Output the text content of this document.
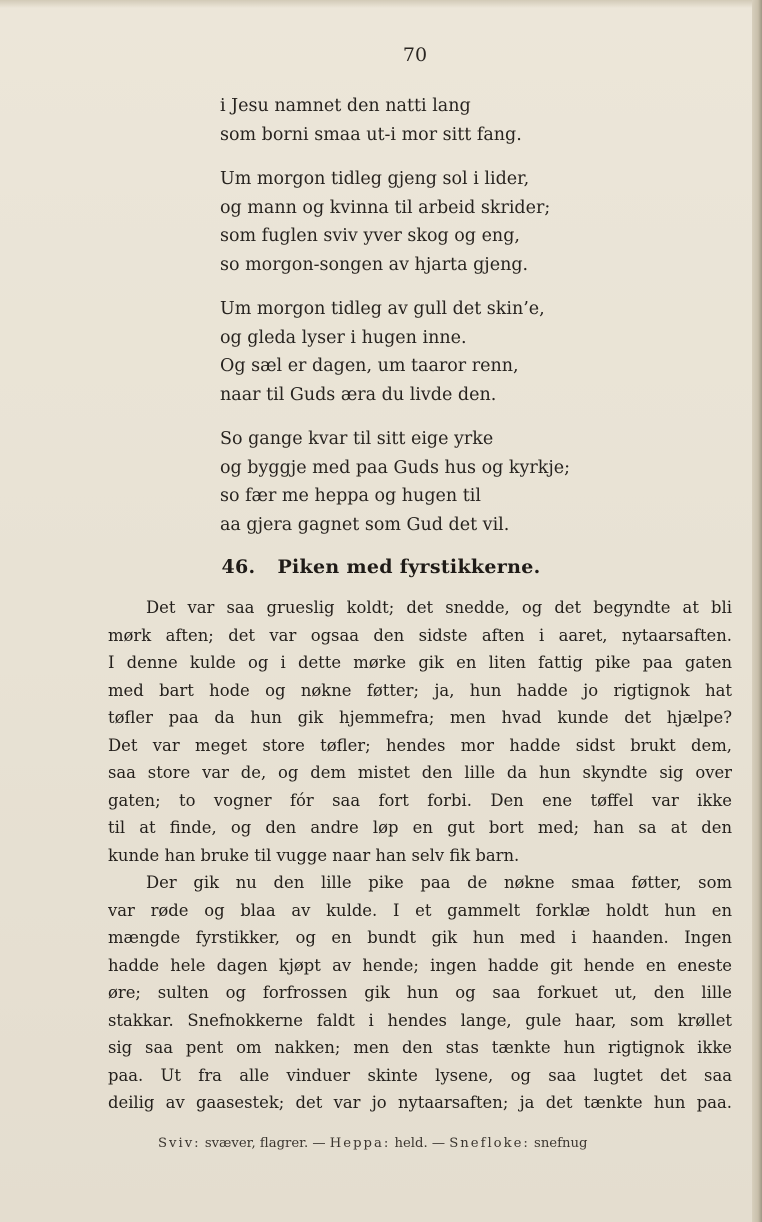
70
i Jesu namnet den natti lang
som borni smaa ut-i mor sitt fang.
Um morgon tidleg gjeng sol i lider,
og mann og kvinna til arbeid skrider;
som fuglen sviv yver skog og eng,
so morgon-songen av hjarta gjeng.
Um morgon tidleg av gull det skin’e,
og gleda lyser i hugen inne.
Og sæl er dagen, um taaror renn,
naar til Guds æra du livde den.
So gange kvar til sitt eige yrke
og byggje med paa Guds hus og kyrkje;
so fær me heppa og hugen til
aa gjera gagnet som Gud det vil.
46. Piken med fyrstikkerne.
Det var saa grueslig koldt; det snedde, og det begyndte at bli
mørk aften; det var ogsaa den sidste aften i aaret, nytaarsaften.
I denne kulde og i dette mørke gik en liten fattig pike paa gaten
med bart hode og nøkne føtter; ja, hun hadde jo rigtignok hat
tøfler paa da hun gik hjemmefra; men hvad kunde det hjælpe?
Det var meget store tøfler; hendes mor hadde sidst brukt dem,
saa store var de, og dem mistet den lille da hun skyndte sig over
gaten; to vogner fór saa fort forbi. Den ene tøffel var ikke
til at finde, og den andre løp en gut bort med; han sa at den
kunde han bruke til vugge naar han selv fik barn.
Der gik nu den lille pike paa de nøkne smaa føtter, som
var røde og blaa av kulde. I et gammelt forklæ holdt hun en
mængde fyrstikker, og en bundt gik hun med i haanden. Ingen
hadde hele dagen kjøpt av hende; ingen hadde git hende en eneste
øre; sulten og forfrossen gik hun og saa forkuet ut, den lille
stakkar. Snefnokkerne faldt i hendes lange, gule haar, som krøllet
sig saa pent om nakken; men den stas tænkte hun rigtignok ikke
paa. Ut fra alle vinduer skinte lysene, og saa lugtet det saa
deilig av gaasestek; det var jo nytaarsaften; ja det tænkte hun paa.
Sviv: svæver, flagrer. — Heppa: held. — Snefloke: snefnug
